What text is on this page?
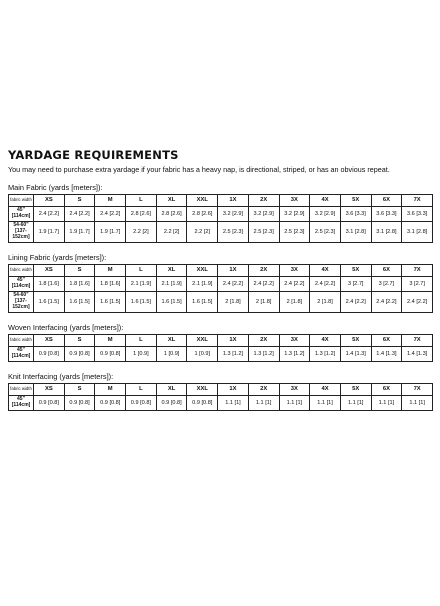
YARDAGE REQUIREMENTS
You may need to purchase extra yardage if your fabric has a heavy nap, is directional, striped, or has an obvious repeat.
Main Fabric (yards [meters]):
fabric width	XS	S	M	L	XL	XXL	1X	2X	3X	4X	5X	6X	7X
45" [114cm]	2.4 [2.2]	2.4 [2.2]	2.4 [2.2]	2.8 [2.6]	2.8 [2.6]	2.8 [2.6]	3.2 [2.9]	3.2 [2.9]	3.2 [2.9]	3.2 [2.9]	3.6 [3.3]	3.6 [3.3]	3.6 [3.3]
54-60" [137-152cm]	1.9 [1.7]	1.9 [1.7]	1.9 [1.7]	2.2 [2]	2.2 [2]	2.2 [2]	2.5 [2.3]	2.5 [2.3]	2.5 [2.3]	2.5 [2.3]	3.1 [2.8]	3.1 [2.8]	3.1 [2.8]
Lining Fabric (yards [meters]):
fabric width	XS	S	M	L	XL	XXL	1X	2X	3X	4X	5X	6X	7X
45" [114cm]	1.8 [1.6]	1.8 [1.6]	1.8 [1.6]	2.1 [1.9]	2.1 [1.9]	2.1 [1.9]	2.4 [2.2]	2.4 [2.2]	2.4 [2.2]	2.4 [2.2]	3 [2.7]	3 [2.7]	3 [2.7]
54-60" [137-152cm]	1.6 [1.5]	1.6 [1.5]	1.6 [1.5]	1.6 [1.5]	1.6 [1.5]	1.6 [1.5]	2 [1.8]	2 [1.8]	2 [1.8]	2 [1.8]	2.4 [2.2]	2.4 [2.2]	2.4 [2.2]
Woven Interfacing (yards [meters]):
fabric width	XS	S	M	L	XL	XXL	1X	2X	3X	4X	5X	6X	7X
45" [114cm]	0.9 [0.8]	0.9 [0.8]	0.9 [0.8]	1 [0.9]	1 [0.9]	1 [0.9]	1.3 [1.2]	1.3 [1.2]	1.3 [1.2]	1.3 [1.2]	1.4 [1.3]	1.4 [1.3]	1.4 [1.3]
Knit Interfacing (yards [meters]):
fabric width	XS	S	M	L	XL	XXL	1X	2X	3X	4X	5X	6X	7X
45" [114cm]	0.9 [0.8]	0.9 [0.8]	0.9 [0.8]	0.9 [0.8]	0.9 [0.8]	0.9 [0.8]	1.1 [1]	1.1 [1]	1.1 [1]	1.1 [1]	1.1 [1]	1.1 [1]	1.1 [1]
